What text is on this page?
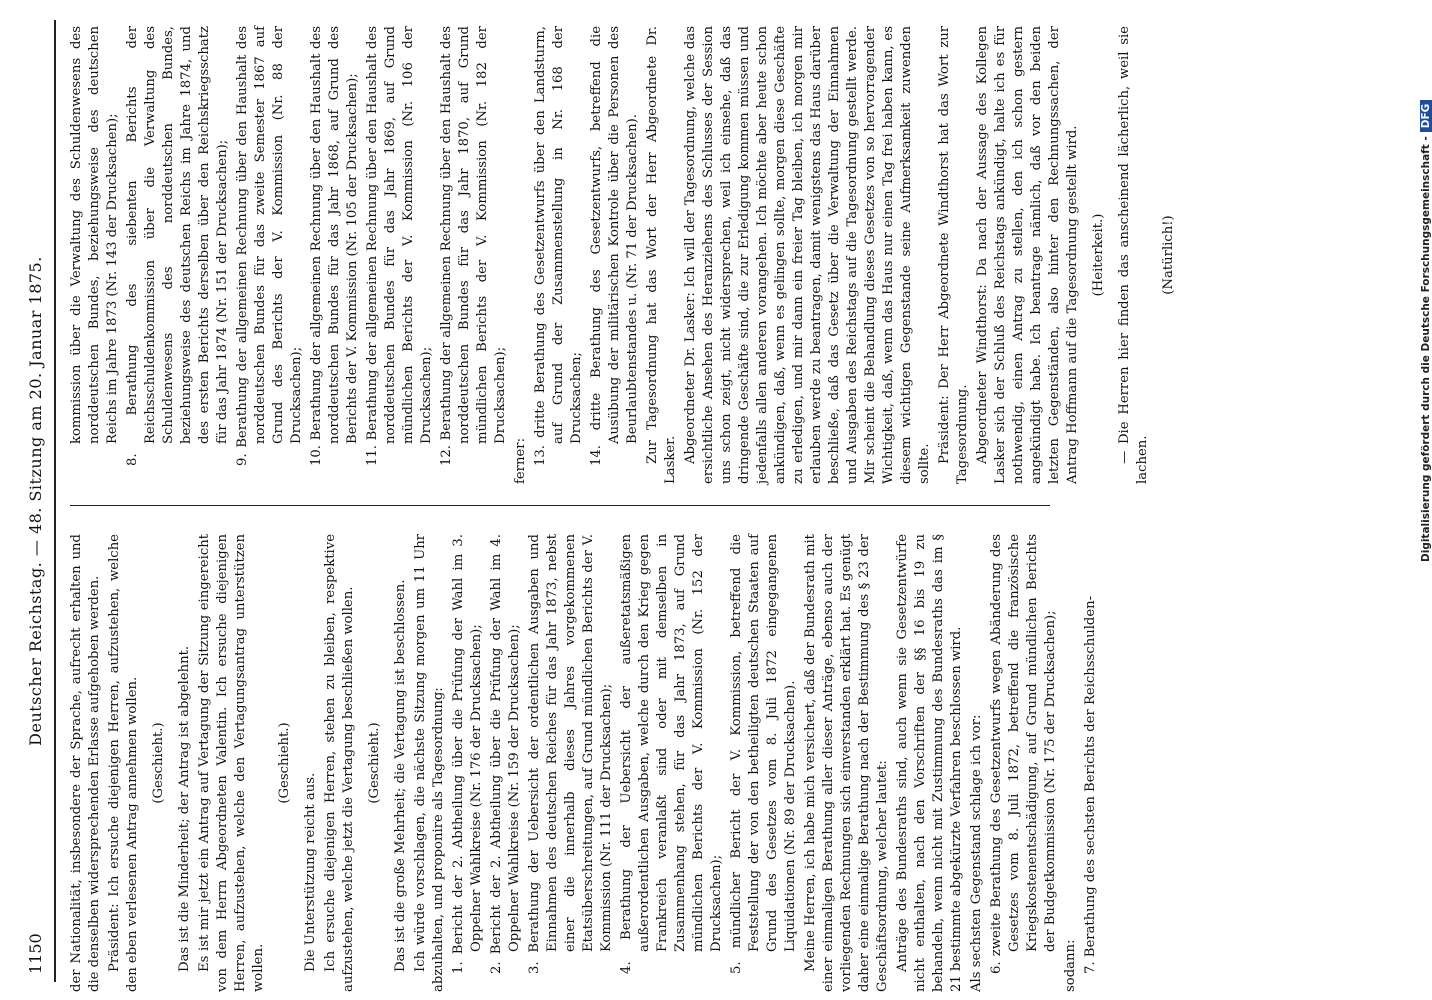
1150
Deutscher Reichstag. — 48. Sitzung am 20. Januar 1875.

der Nationalität, insbesondere der Sprache, aufrecht erhalten und die denselben widersprechenden Erlasse aufgehoben werden. Präsident: Ich ersuche diejenigen Herren, aufzustehen, welche den eben verlesenen Antrag annehmen wollen. (Geschieht.) Das ist die Minderheit; der Antrag ist abgelehnt. Es ist mir jetzt ein Antrag auf Vertagung der Sitzung eingereicht von dem Herrn Abgeordneten Valentin. Ich ersuche diejenigen Herren, aufzustehen, welche den Vertagungsantrag unterstützen wollen.

(Geschieht.)

Die Unterstützung reicht aus. Ich ersuche diejenigen Herren, stehen zu bleiben, respektive aufzustehen, welche jetzt die Vertagung beschließen wollen. (Geschieht.) Das ist die große Mehrheit; die Vertagung ist beschlossen. Ich würde vorschlagen, die nächste Sitzung morgen um 11 Uhr abzuhalten, und proponire als Tagesordnung: 1. Bericht der 2. Abtheilung über die Prüfung der Wahl im 3. Oppelner Wahlkreise (Nr. 176 der Drucksachen); 2. Bericht der 2. Abtheilung über die Prüfung der Wahl im 4. Oppelner Wahlkreise (Nr. 159 der Drucksachen); 3. Berathung der Uebersicht der ordentlichen Ausgaben und Einnahmen des deutschen Reiches für das Jahr 1873, nebst einer die innerhalb dieses Jahres vorgekommenen Etatsüberschreitungen, auf Grund mündlichen Berichts der V. Kommission (Nr. 111 der Drucksachen); 4. Berathung der Uebersicht der außeretatsmäßigen außerordentlichen Ausgaben, welche durch den Krieg gegen Frankreich veranlaßt sind oder mit demselben in Zusammenhang stehen, für das Jahr 1873, auf Grund mündlichen Berichts der V. Kommission (Nr. 152 der Drucksachen); 5. mündlicher Bericht der V. Kommission, betreffend die Feststellung der von den betheiligten deutschen Staaten auf Grund des Gesetzes vom 8. Juli 1872 eingegangenen Liquidationen (Nr. 89 der Drucksachen). Meine Herren, ich habe mich versichert, daß der Bundesrath mit einer einmaligen Berathung aller dieser Anträge, ebenso auch der vorliegenden Rechnungen sich einverstanden erklärt hat. Es genügt daher eine einmalige Berathung nach der Bestimmung des § 23 der Geschäftsordnung, welcher lautet: Anträge des Bundesraths sind, auch wenn sie Gesetzentwürfe nicht enthalten, nach den Vorschriften der §§ 16 bis 19 zu behandeln, wenn nicht mit Zustimmung des Bundesraths das im § 21 bestimmte abgekürzte Verfahren beschlossen wird. Als sechsten Gegenstand schlage ich vor: 6. zweite Berathung des Gesetzentwurfs wegen Abänderung des Gesetzes vom 8. Juli 1872, betreffend die französische Kriegskostenentschädigung, auf Grund mündlichen Berichts der Budgetkommission (Nr. 175 der Drucksachen);

sodann: 7. Berathung des sechsten Berichts der Reichsschulden-

kommission über die Verwaltung des Schuldenwesens des norddeutschen Bundes, beziehungsweise des deutschen Reichs im Jahre 1873 (Nr. 143 der Drucksachen); 8. Berathung des siebenten Berichts der Reichsschuldenkommission über die Verwaltung des Schuldenwesens des norddeutschen Bundes, beziehungsweise des deutschen Reichs im Jahre 1874, und des ersten Berichts derselben über den Reichskriegsschatz für das Jahr 1874 (Nr. 151 der Drucksachen); 9. Berathung der allgemeinen Rechnung über den Haushalt des norddeutschen Bundes für das zweite Semester 1867 auf Grund des Berichts der V. Kommission (Nr. 88 der Drucksachen); 10. Berathung der allgemeinen Rechnung über den Haushalt des norddeutschen Bundes für das Jahr 1868, auf Grund des Berichts der V. Kommission (Nr. 105 der Drucksachen); 11. Berathung der allgemeinen Rechnung über den Haushalt des norddeutschen Bundes für das Jahr 1869, auf Grund mündlichen Berichts der V. Kommission (Nr. 106 der Drucksachen); 12. Berathung der allgemeinen Rechnung über den Haushalt des norddeutschen Bundes für das Jahr 1870, auf Grund mündlichen Berichts der V. Kommission (Nr. 182 der Drucksachen);

ferner: 13. dritte Berathung des Gesetzentwurfs über den Landsturm, auf Grund der Zusammenstellung in Nr. 168 der Drucksachen; 14. dritte Berathung des Gesetzentwurfs, betreffend die Ausübung der militärischen Kontrole über die Personen des Beurlaubtenstandes u. (Nr. 71 der Drucksachen). Zur Tagesordnung hat das Wort der Herr Abgeordnete Dr. Lasker. Abgeordneter Dr. Lasker: Ich will der Tagesordnung, welche das ersichtliche Ansehen des Heranziehens des Schlusses der Session uns schon zeigt, nicht widersprechen, weil ich einsehe, daß das dringende Geschäfte sind, die zur Erledigung kommen müssen und jedenfalls allen anderen vorangehen. Ich möchte aber heute schon ankündigen, daß, wenn es gelingen sollte, morgen diese Geschäfte zu erledigen, und mir dann ein freier Tag bleiben, ich morgen mir erlauben werde zu beantragen, damit wenigstens das Haus darüber beschließe, daß das Gesetz über die Verwaltung der Einnahmen und Ausgaben des Reichstags auf die Tagesordnung gestellt werde. Mir scheint die Behandlung dieses Gesetzes von so hervorragender Wichtigkeit, daß, wenn das Haus nur einen Tag frei haben kann, es diesem wichtigen Gegenstande seine Aufmerksamkeit zuwenden sollte. Präsident: Der Herr Abgeordnete Windthorst hat das Wort zur Tagesordnung. Abgeordneter Windthorst: Da nach der Aussage des Kollegen Lasker sich der Schluß des Reichstags ankündigt, halte ich es für nothwendig, einen Antrag zu stellen, den ich schon gestern angekündigt habe. Ich beantrage nämlich, daß vor den beiden letzten Gegenständen, also hinter den Rechnungssachen, der Antrag Hoffmann auf die Tagesordnung gestellt wird. (Heiterkeit.) — Die Herren hier finden das anscheinend lächerlich, weil sie lachen.

(Natürlich!)	Digitalisierung gefördert durch die Deutsche Forschungsgemeinschaft -DFG
